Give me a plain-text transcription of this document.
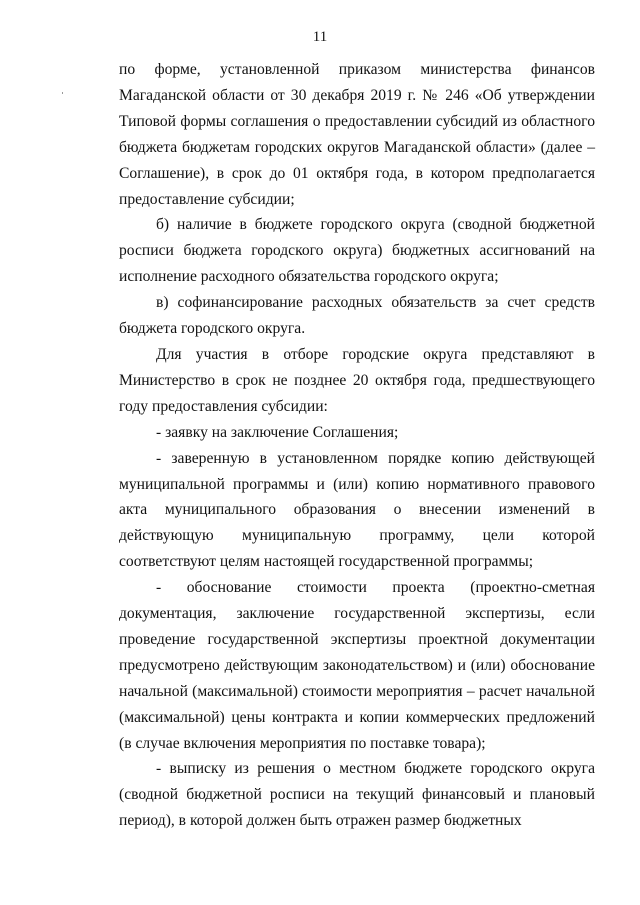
11

по форме, установленной приказом министерства финансов Магаданской области от 30 декабря 2019 г. № 246 «Об утверждении Типовой формы соглашения о предоставлении субсидий из областного бюджета бюджетам городских округов Магаданской области» (далее – Соглашение), в срок до 01 октября года, в котором предполагается предоставление субсидии;

б) наличие в бюджете городского округа (сводной бюджетной росписи бюджета городского округа) бюджетных ассигнований на исполнение расходного обязательства городского округа;

в) софинансирование расходных обязательств за счет средств бюджета городского округа.

Для участия в отборе городские округа представляют в Министерство в срок не позднее 20 октября года, предшествующего году предоставления субсидии:

- заявку на заключение Соглашения;

- заверенную в установленном порядке копию действующей муниципальной программы и (или) копию нормативного правового акта муниципального образования о внесении изменений в действующую муниципальную программу, цели которой соответствуют целям настоящей государственной программы;

- обоснование стоимости проекта (проектно-сметная документация, заключение государственной экспертизы, если проведение государственной экспертизы проектной документации предусмотрено действующим законодательством) и (или) обоснование начальной (максимальной) стоимости мероприятия – расчет начальной (максимальной) цены контракта и копии коммерческих предложений (в случае включения мероприятия по поставке товара);

- выписку из решения о местном бюджете городского округа (сводной бюджетной росписи на текущий финансовый и плановый период), в которой должен быть отражен размер бюджетных
